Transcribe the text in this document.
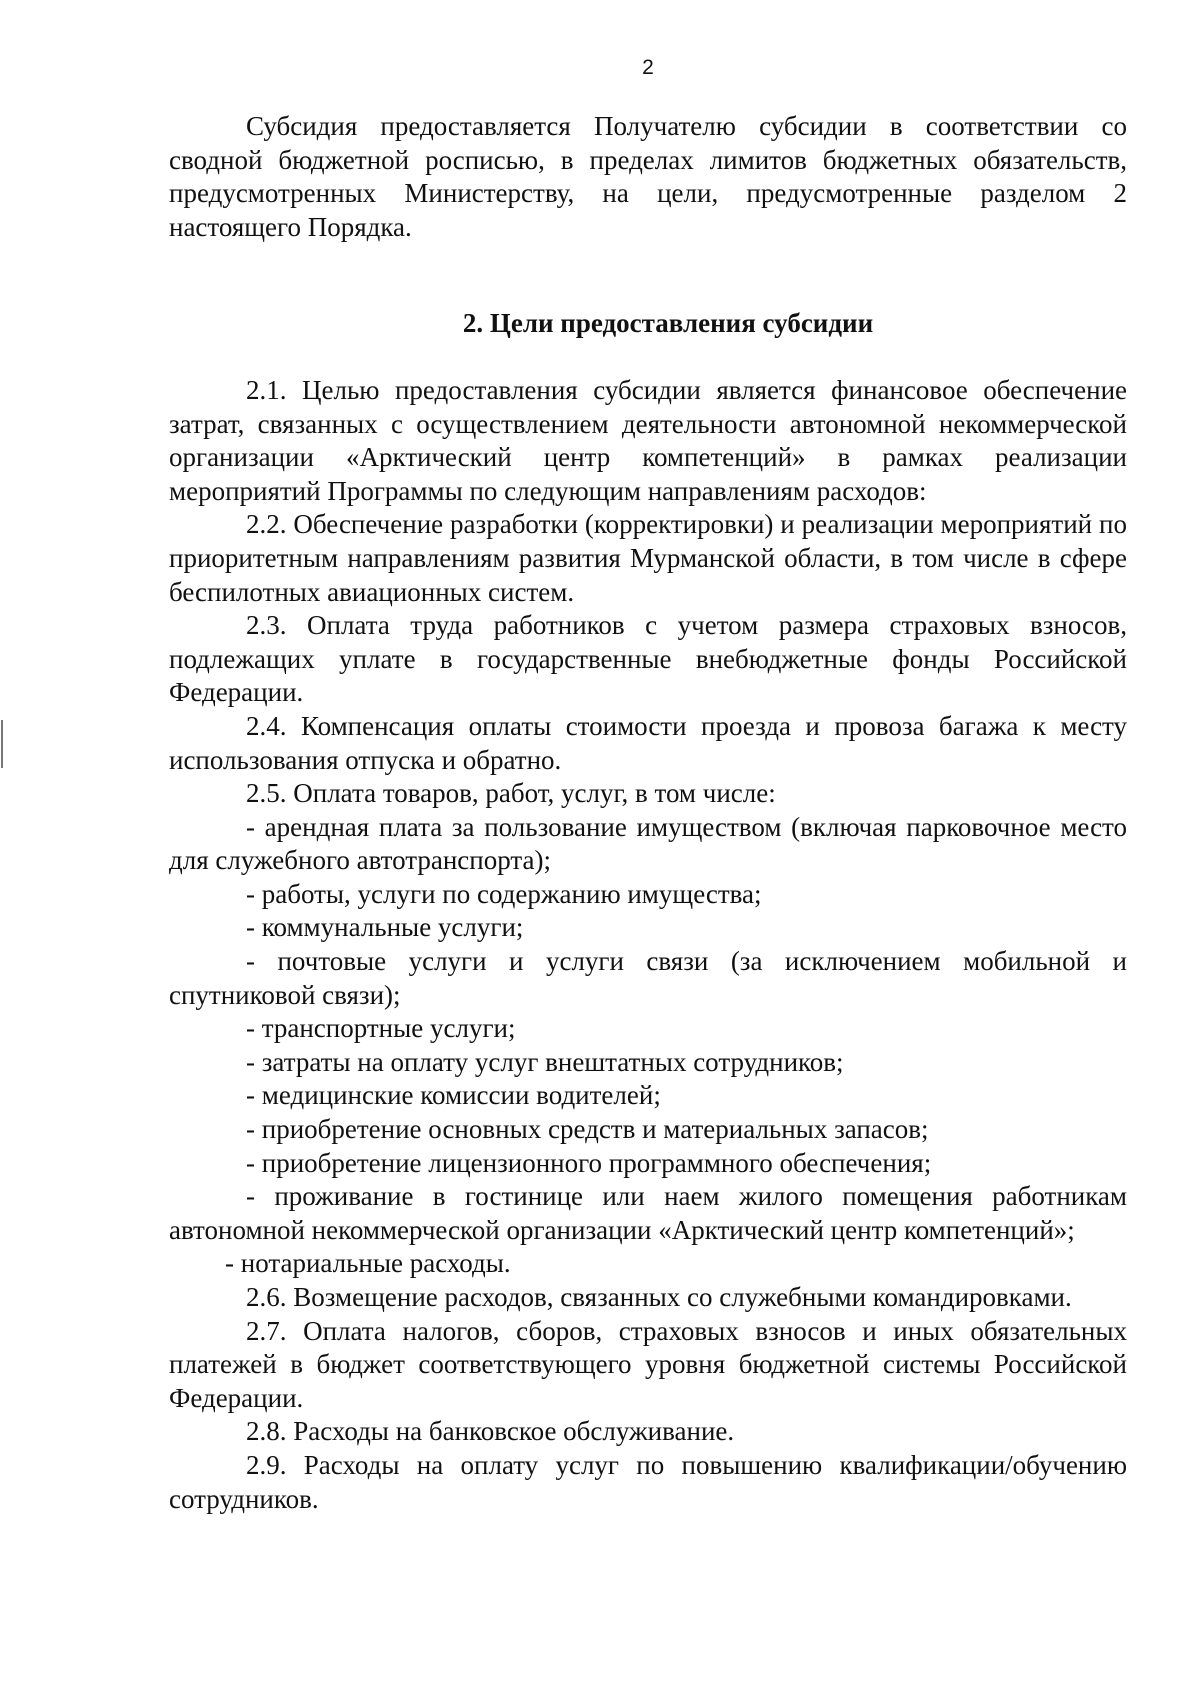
2

Субсидия предоставляется Получателю субсидии в соответствии со сводной бюджетной росписью, в пределах лимитов бюджетных обязательств, предусмотренных Министерству, на цели, предусмотренные разделом 2 настоящего Порядка.

2. Цели предоставления субсидии

2.1. Целью предоставления субсидии является финансовое обеспечение затрат, связанных с осуществлением деятельности автономной некоммерческой организации «Арктический центр компетенций» в рамках реализации мероприятий Программы по следующим направлениям расходов:

2.2. Обеспечение разработки (корректировки) и реализации мероприятий по приоритетным направлениям развития Мурманской области, в том числе в сфере беспилотных авиационных систем.

2.3. Оплата труда работников с учетом размера страховых взносов, подлежащих уплате в государственные внебюджетные фонды Российской Федерации.

2.4. Компенсация оплаты стоимости проезда и провоза багажа к месту использования отпуска и обратно.

2.5. Оплата товаров, работ, услуг, в том числе:

- арендная плата за пользование имуществом (включая парковочное место для служебного автотранспорта);

- работы, услуги по содержанию имущества;

- коммунальные услуги;

- почтовые услуги и услуги связи (за исключением мобильной и спутниковой связи);

- транспортные услуги;

- затраты на оплату услуг внештатных сотрудников;

- медицинские комиссии водителей;

- приобретение основных средств и материальных запасов;

- приобретение лицензионного программного обеспечения;

- проживание в гостинице или наем жилого помещения работникам автономной некоммерческой организации «Арктический центр компетенций»;

- нотариальные расходы.

2.6. Возмещение расходов, связанных со служебными командировками.

2.7. Оплата налогов, сборов, страховых взносов и иных обязательных платежей в бюджет соответствующего уровня бюджетной системы Российской Федерации.

2.8. Расходы на банковское обслуживание.

2.9. Расходы на оплату услуг по повышению квалификации/обучению сотрудников.
